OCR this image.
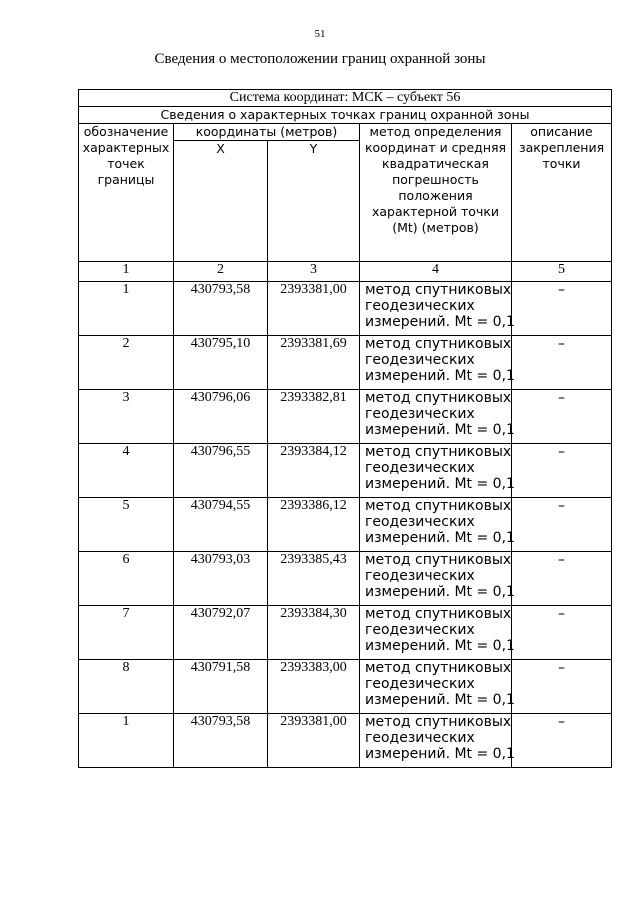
51
Сведения о местоположении границ охранной зоны
Система координат: МСК – субъект 56				
Сведения о характерных точках границ охранной зоны				
обозначение характерных точек границы	координаты (метров)		метод определения координат и средняя квадратическая погрешность положения характерной точки (Mt) (метров)	описание закрепления точки
	X	Y		
1	2	3	4	5
1	430793,58	2393381,00	метод спутниковых
геодезических
измерений. Mt = 0,1	–
2	430795,10	2393381,69	метод спутниковых
геодезических
измерений. Mt = 0,1	–
3	430796,06	2393382,81	метод спутниковых
геодезических
измерений. Mt = 0,1	–
4	430796,55	2393384,12	метод спутниковых
геодезических
измерений. Mt = 0,1	–
5	430794,55	2393386,12	метод спутниковых
геодезических
измерений. Mt = 0,1	–
6	430793,03	2393385,43	метод спутниковых
геодезических
измерений. Mt = 0,1	–
7	430792,07	2393384,30	метод спутниковых
геодезических
измерений. Mt = 0,1	–
8	430791,58	2393383,00	метод спутниковых
геодезических
измерений. Mt = 0,1	–
1	430793,58	2393381,00	метод спутниковых
геодезических
измерений. Mt = 0,1	–
